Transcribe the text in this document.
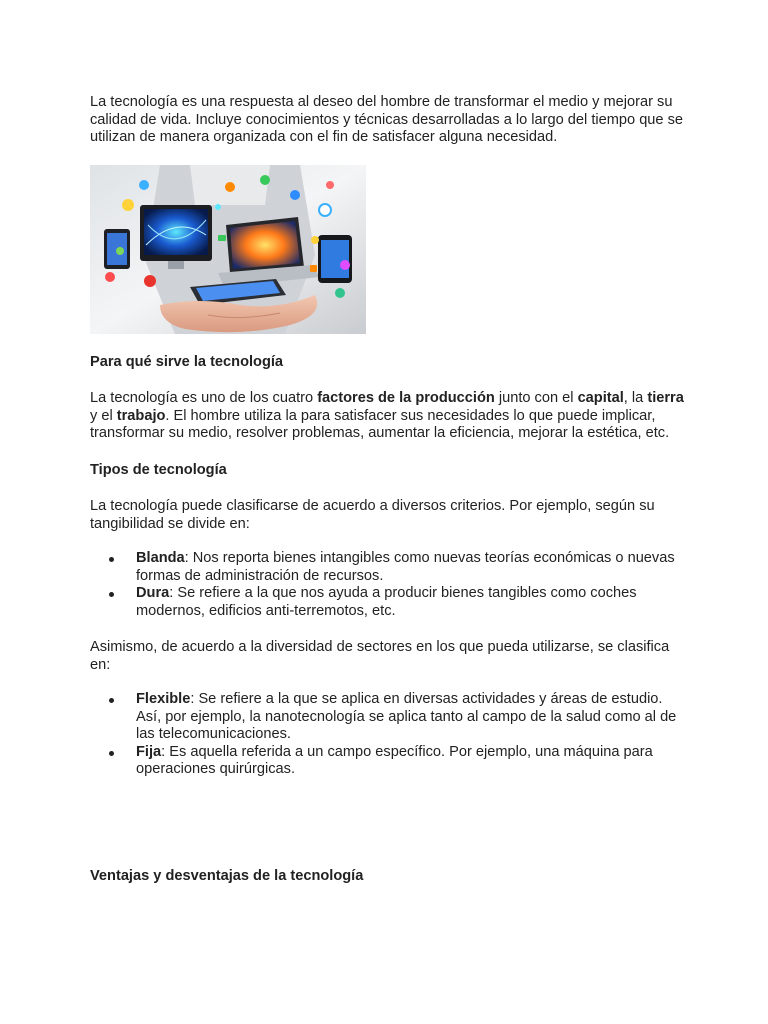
La tecnología es una respuesta al deseo del hombre de transformar el medio y mejorar su calidad de vida. Incluye conocimientos y técnicas desarrolladas a lo largo del tiempo que se utilizan de manera organizada con el fin de satisfacer alguna necesidad.

Para qué sirve la tecnología

La tecnología es uno de los cuatro factores de la producción junto con el capital, la tierra y el trabajo. El hombre utiliza la para satisfacer sus necesidades lo que puede implicar, transformar su medio, resolver problemas, aumentar la eficiencia, mejorar la estética, etc.

Tipos de tecnología

La tecnología puede clasificarse de acuerdo a diversos criterios. Por ejemplo, según su tangibilidad se divide en:

Blanda: Nos reporta bienes intangibles como nuevas teorías económicas o nuevas formas de administración de recursos.
Dura: Se refiere a la que nos ayuda a producir bienes tangibles como coches modernos, edificios anti-terremotos, etc.

Asimismo, de acuerdo a la diversidad de sectores en los que pueda utilizarse, se clasifica en:

Flexible: Se refiere a la que se aplica en diversas actividades y áreas de estudio. Así, por ejemplo, la nanotecnología se aplica tanto al campo de la salud como al de las telecomunicaciones.
Fija: Es aquella referida a un campo específico. Por ejemplo, una máquina para operaciones quirúrgicas.
Ventajas y desventajas de la tecnología
